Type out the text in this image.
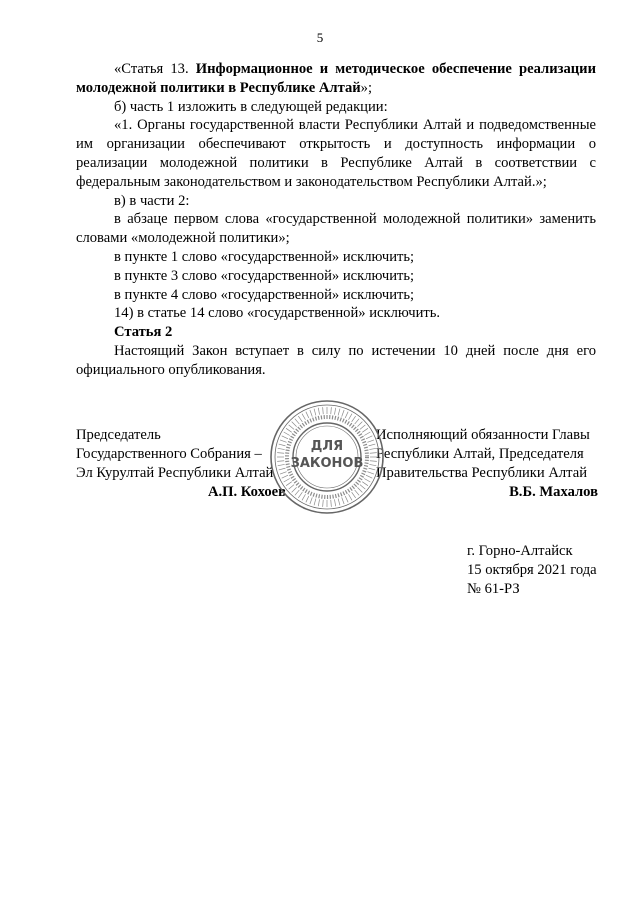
5

«Статья 13. Информационное и методическое обеспечение реализации молодежной политики в Республике Алтай»;

б) часть 1 изложить в следующей редакции:

«1. Органы государственной власти Республики Алтай и подведомственные им организации обеспечивают открытость и доступность информации о реализации молодежной политики в Республике Алтай в соответствии с федеральным законодательством и законодательством Республики Алтай.»;

в) в части 2:

в абзаце первом слова «государственной молодежной политики» заменить словами «молодежной политики»;

в пункте 1 слово «государственной» исключить;

в пункте 3 слово «государственной» исключить;

в пункте 4 слово «государственной» исключить;

14) в статье 14 слово «государственной» исключить.

Статья 2

Настоящий Закон вступает в силу по истечении 10 дней после дня его официального опубликования.

Председатель
Государственного Собрания –
Эл Курултай Республики Алтай
А.П. Кохоев
Исполняющий обязанности Главы
Республики Алтай, Председателя
Правительства Республики Алтай
В.Б. Махалов
ДЛЯ
ЗАКОНОВ
г. Горно-Алтайск
15 октября 2021 года
№ 61-РЗ
